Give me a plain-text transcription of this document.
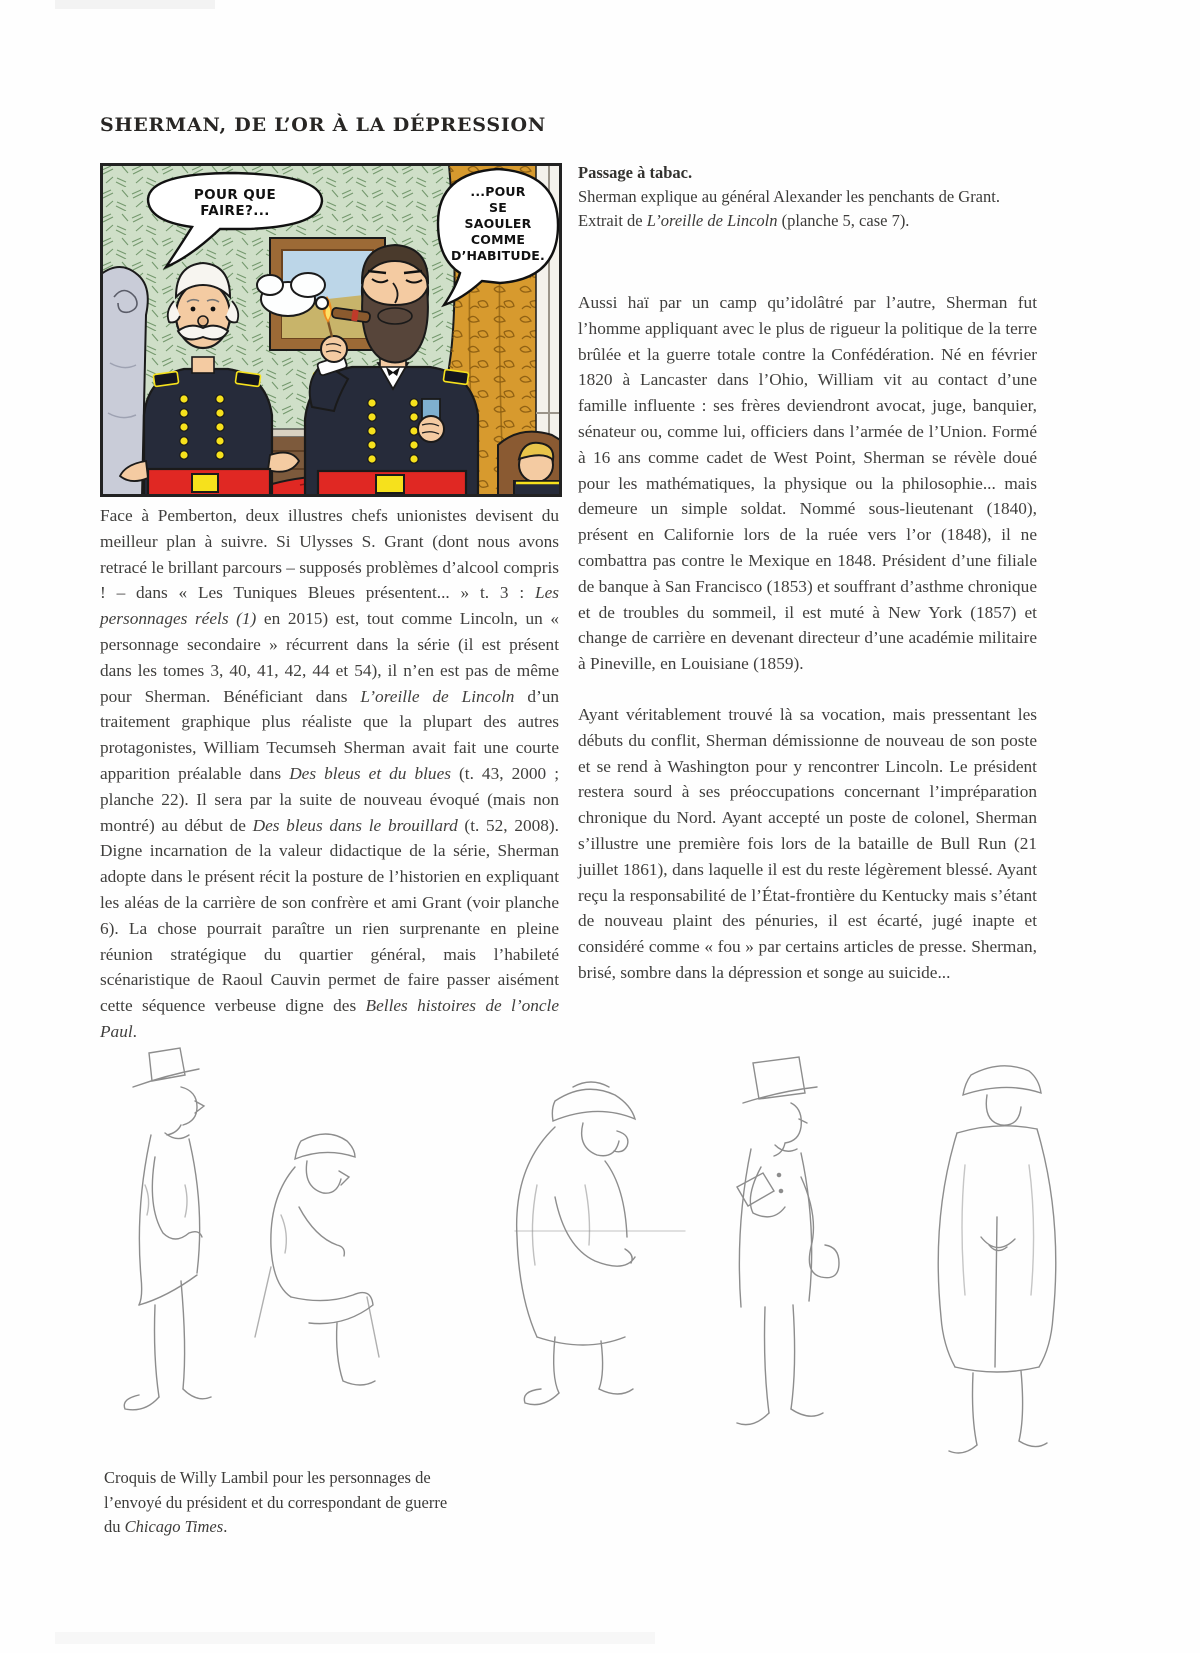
SHERMAN, DE L’OR À LA DÉPRESSION
POUR QUE
FAIRE?...
...POUR
SE
SAOULER
COMME
D’HABITUDE.
Passage à tabac.
Sherman explique au général Alexander les penchants de Grant.
Extrait de L’oreille de Lincoln (planche 5, case 7).

Aussi haï par un camp qu’idolâtré par l’autre, Sherman fut l’homme appliquant avec le plus de rigueur la politique de la terre brûlée et la guerre totale contre la Confédération. Né en février 1820 à Lancaster dans l’Ohio, William vit au contact d’une famille influente : ses frères deviendront avocat, juge, banquier, sénateur ou, comme lui, officiers dans l’armée de l’Union. Formé à 16 ans comme cadet de West Point, Sherman se révèle doué pour les mathématiques, la physique ou la philosophie... mais demeure un simple soldat. Nommé sous-lieutenant (1840), présent en Californie lors de la ruée vers l’or (1848), il ne combattra pas contre le Mexique en 1848. Président d’une filiale de banque à San Francisco (1853) et souffrant d’asthme chronique et de troubles du sommeil, il est muté à New York (1857) et change de carrière en devenant directeur d’une académie militaire à Pineville, en Louisiane (1859).

Ayant véritablement trouvé là sa vocation, mais pressentant les débuts du conflit, Sherman démissionne de nouveau de son poste et se rend à Washington pour y rencontrer Lincoln. Le président restera sourd à ses préoccupations concernant l’impréparation chronique du Nord. Ayant accepté un poste de colonel, Sherman s’illustre une première fois lors de la bataille de Bull Run (21 juillet 1861), dans laquelle il est du reste légèrement blessé. Ayant reçu la responsabilité de l’État-frontière du Kentucky mais s’étant de nouveau plaint des pénuries, il est écarté, jugé inapte et considéré comme « fou » par certains articles de presse. Sherman, brisé, sombre dans la dépression et songe au suicide...

Face à Pemberton, deux illustres chefs unionistes devisent du meilleur plan à suivre. Si Ulysses S. Grant (dont nous avons retracé le brillant parcours – supposés problèmes d’alcool compris ! – dans « Les Tuniques Bleues présentent... » t. 3 : Les personnages réels (1) en 2015) est, tout comme Lincoln, un « personnage secondaire » récurrent dans la série (il est présent dans les tomes 3, 40, 41, 42, 44 et 54), il n’en est pas de même pour Sherman. Bénéficiant dans L’oreille de Lincoln d’un traitement graphique plus réaliste que la plupart des autres protagonistes, William Tecumseh Sherman avait fait une courte apparition préalable dans Des bleus et du blues (t. 43, 2000 ; planche 22). Il sera par la suite de nouveau évoqué (mais non montré) au début de Des bleus dans le brouillard (t. 52, 2008). Digne incarnation de la valeur didactique de la série, Sherman adopte dans le présent récit la posture de l’historien en expliquant les aléas de la carrière de son confrère et ami Grant (voir planche 6). La chose pourrait paraître un rien surprenante en pleine réunion stratégique du quartier général, mais l’habileté scénaristique de Raoul Cauvin permet de faire passer aisément cette séquence verbeuse digne des Belles histoires de l’oncle Paul.

Croquis de Willy Lambil pour les personnages de l’envoyé du président et du correspondant de guerre du Chicago Times.
